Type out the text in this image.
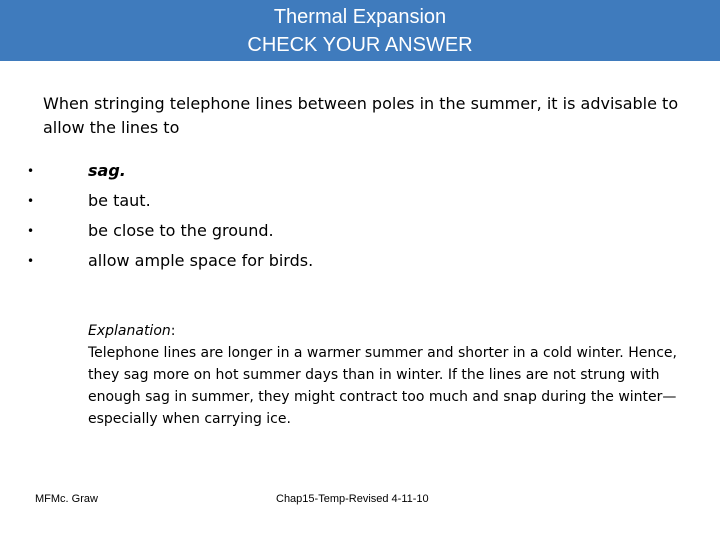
Thermal Expansion
CHECK YOUR ANSWER
When stringing telephone lines between poles in the summer, it is advisable to allow the lines to
•	sag.
•	be taut.
•	be close to the ground.
•	allow ample space for birds.
Explanation:

Telephone lines are longer in a warmer summer and shorter in a cold winter. Hence, they sag more on hot summer days than in winter. If the lines are not strung with enough sag in summer, they might contract too much and snap during the winter—especially when carrying ice.

MFMc. Graw	Chap15-Temp-Revised 4-11-10
